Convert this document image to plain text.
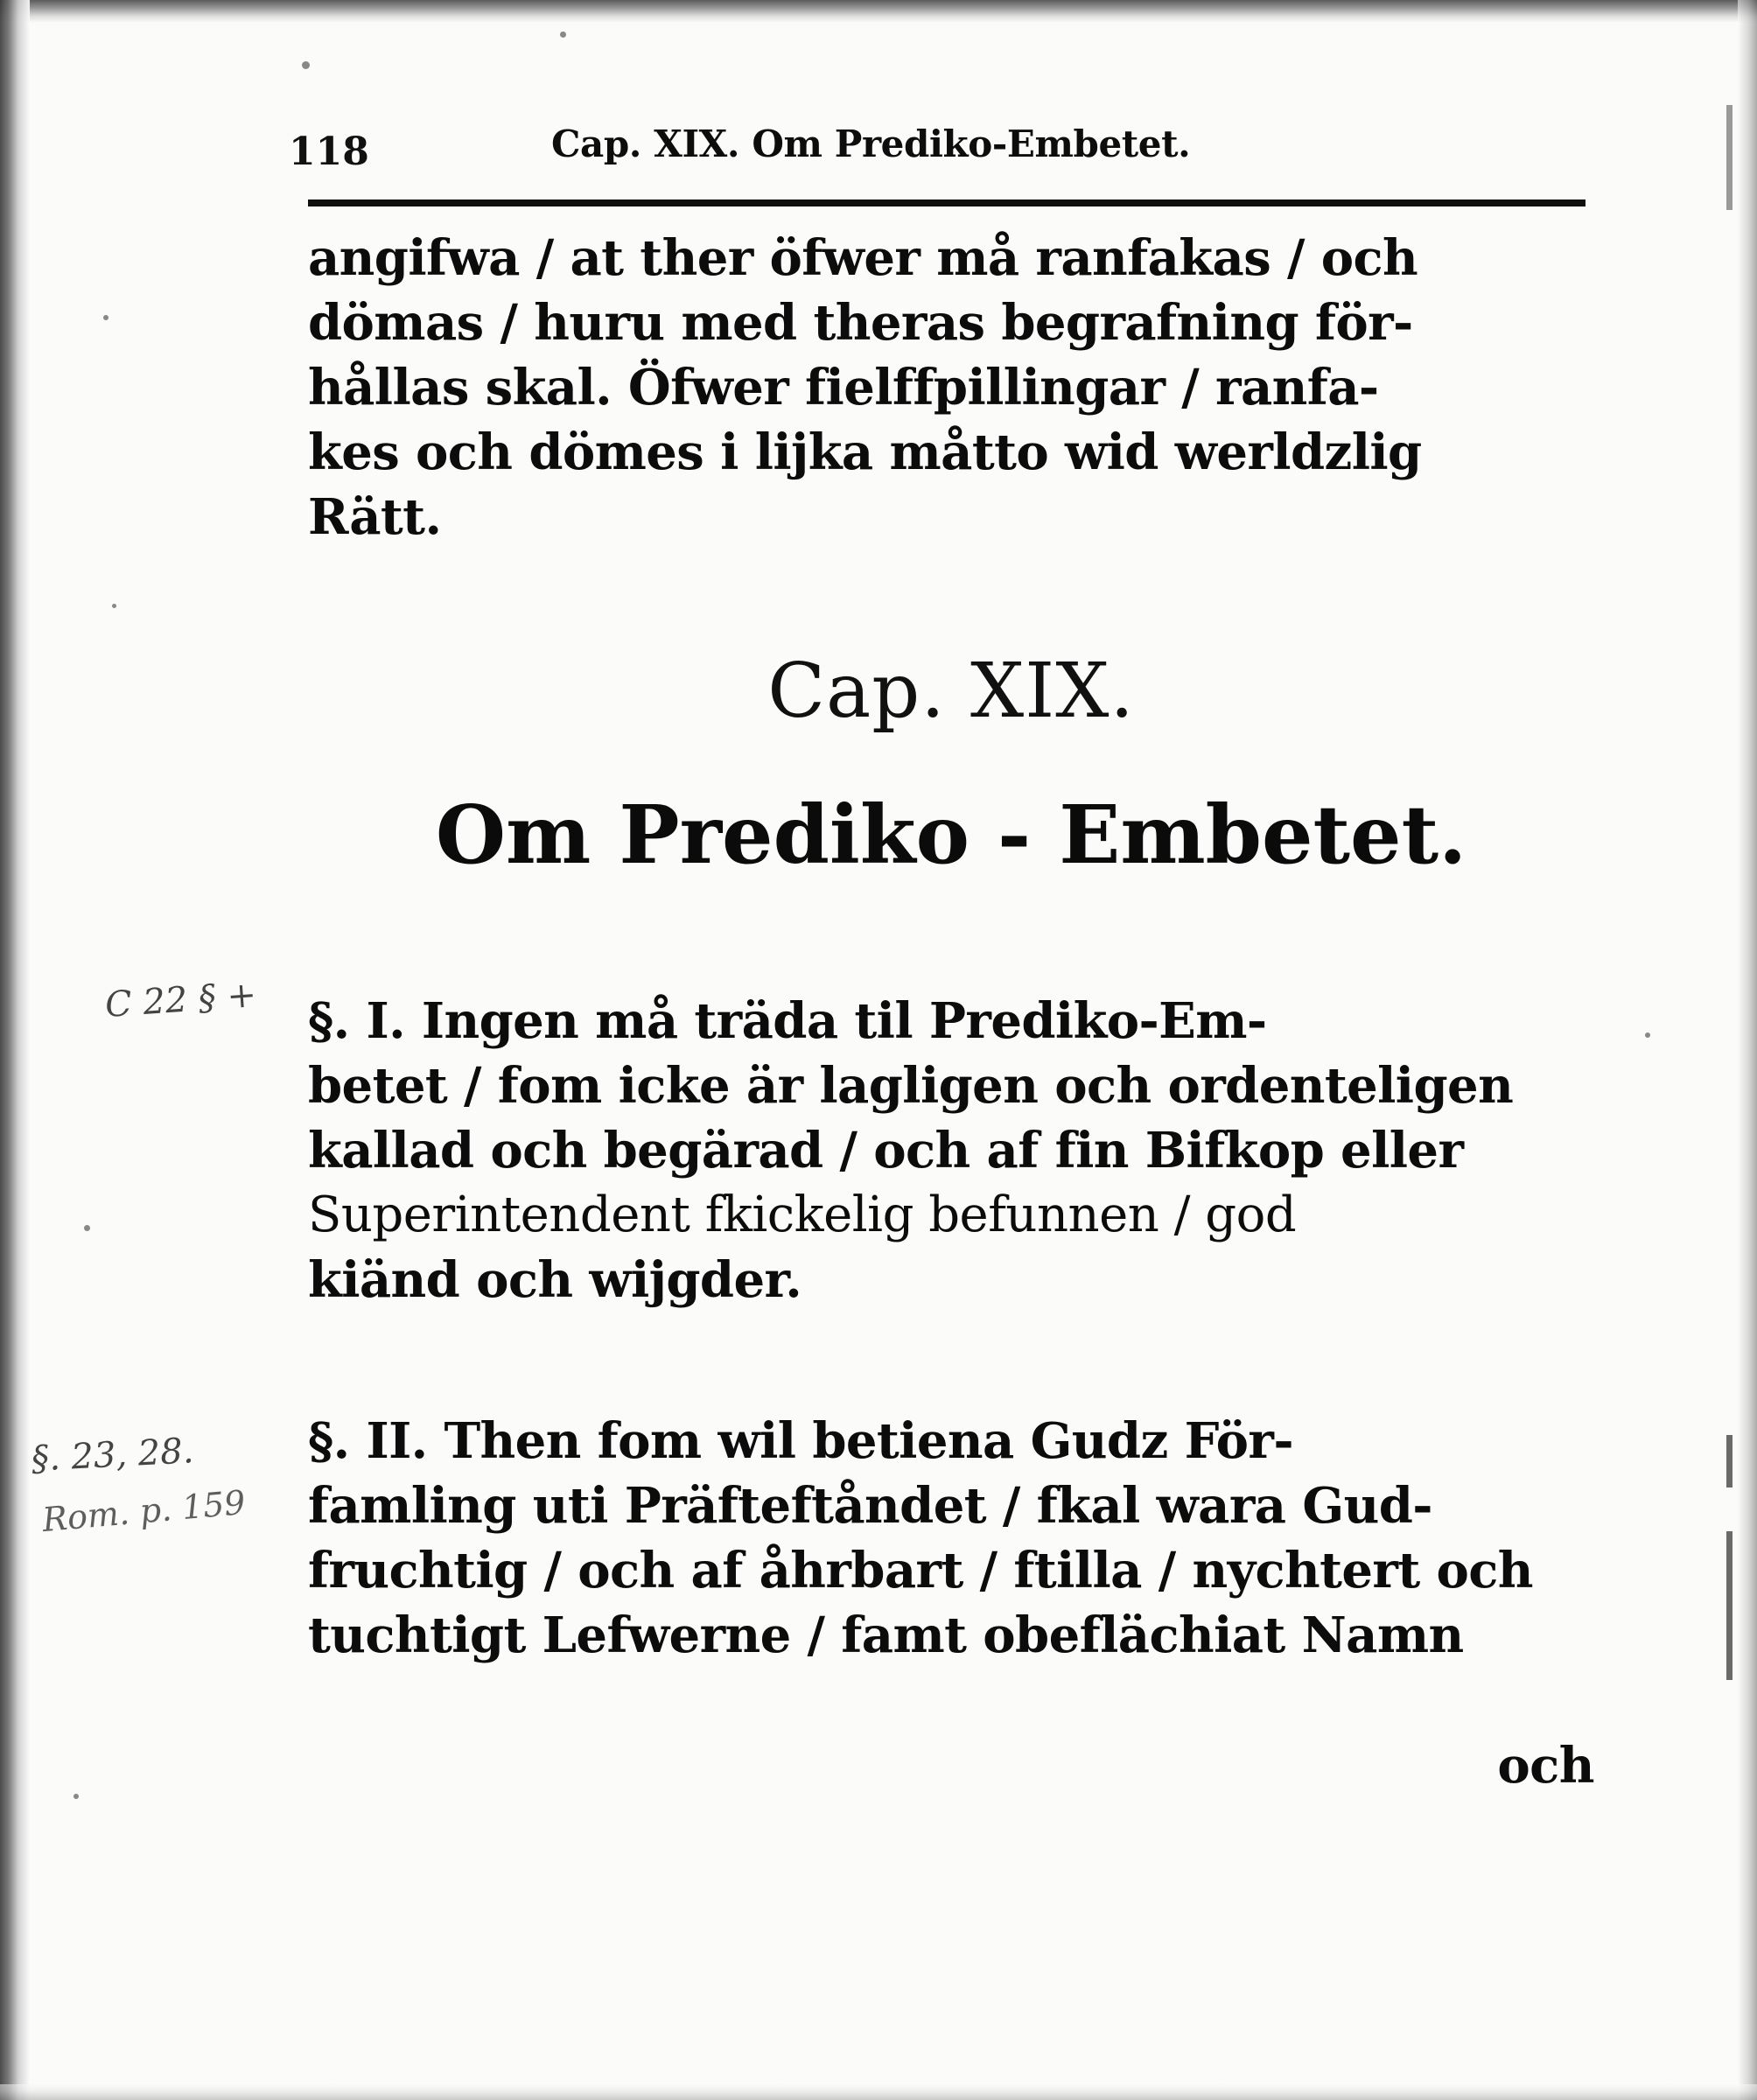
118	Cap. XIX. Om Prediko-Embetet.
angifwa / at ther öfwer må ranfakas / och
dömas / huru med theras begrafning för-
hållas skal. Öfwer fielffpillingar / ranfa-
kes och dömes i lijka måtto wid werldzlig
Rätt.
Cap. XIX.
Om Prediko - Embetet.
§. I. Ingen må träda til Prediko-Em-
betet / fom icke är lagligen och ordenteligen
kallad och begärad / och af fin Bifkop eller
Superintendent fkickelig befunnen / god
kiänd och wijgder.
§. II. Then fom wil betiena Gudz För-
famling uti Präfteftåndet / fkal wara Gud-
fruchtig / och af åhrbart / ftilla / nychtert och
tuchtigt Lefwerne / famt obeflächiat Namn
och
C 22 § +
§. 23, 28.
Rom. p. 159
